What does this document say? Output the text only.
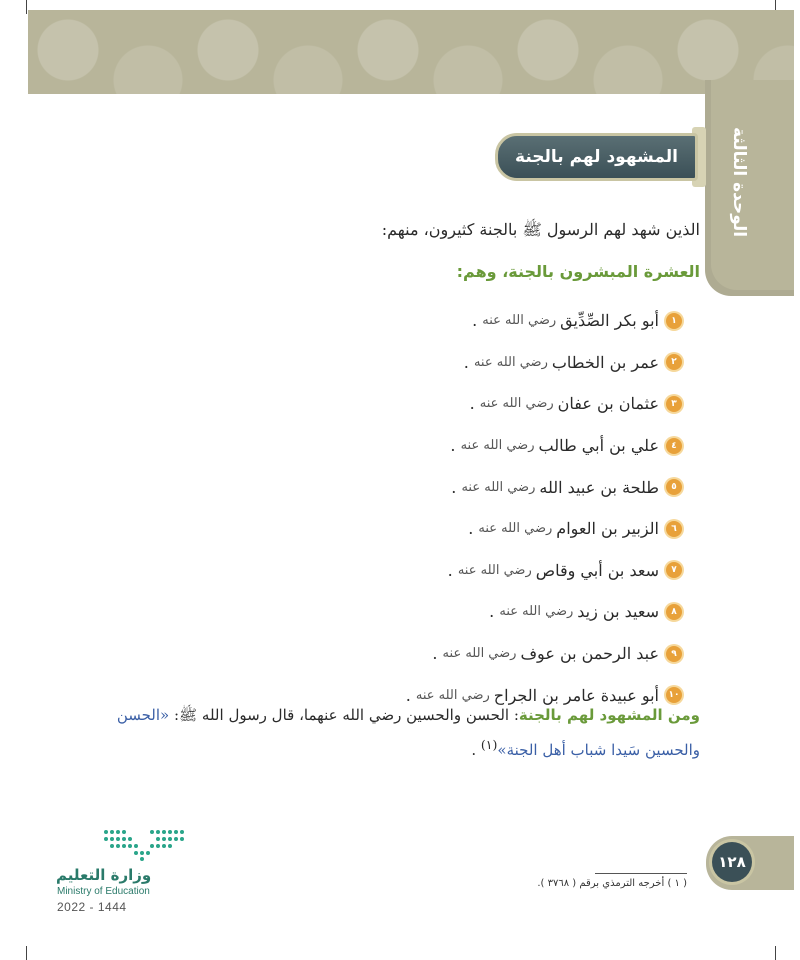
الوحدة الثالثة
المشهود لهم بالجنة
الذين شهد لهم الرسول ﷺ بالجنة كثيرون، منهم:
العشرة المبشرون بالجنة، وهم:
١
أبو بكر الصِّدِّيق
رضي الله عنه
.
٢
عمر بن الخطاب
رضي الله عنه
.
٣
عثمان بن عفان
رضي الله عنه
.
٤
علي بن أبي طالب
رضي الله عنه
.
٥
طلحة بن عبيد الله
رضي الله عنه
.
٦
الزبير بن العوام
رضي الله عنه
.
٧
سعد بن أبي وقاص
رضي الله عنه
.
٨
سعيد بن زيد
رضي الله عنه
.
٩
عبد الرحمن بن عوف
رضي الله عنه
.
١٠
أبو عبيدة عامر بن الجراح
رضي الله عنه
.
ومن المشهود لهم بالجنة: الحسن والحسين رضي الله عنهما، قال رسول الله ﷺ: «الحسن والحسين سَيدا شباب أهل الجنة»$^{(١)}$ .
١٢٨
( ١ ) أخرجه الترمذي برقم ( ٣٧٦٨ ).
وزارة التعليم
Ministry of Education
2022 - 1444
